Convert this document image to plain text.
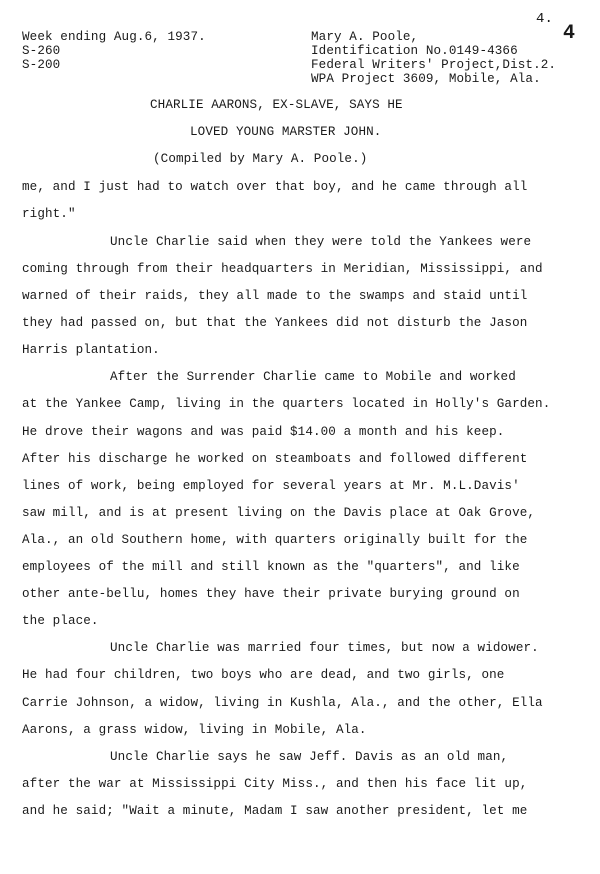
Week ending Aug.6, 1937.
S-260
S-200
Mary A. Poole,
Identification No.0149-4366
Federal Writers' Project,Dist.2.
WPA Project 3609, Mobile, Ala.
4.
4
CHARLIE AARONS, EX-SLAVE, SAYS HE
LOVED YOUNG MARSTER JOHN.
(Compiled by Mary A. Poole.)
me, and I just had to watch over that boy, and he came through all
right."
Uncle Charlie said when they were told the Yankees were
coming through from their headquarters in Meridian, Mississippi, and
warned of their raids, they all made to the swamps and staid until
they had passed on, but that the Yankees did not disturb the Jason
Harris plantation.
After the Surrender Charlie came to Mobile and worked
at the Yankee Camp, living in the quarters located in Holly's Garden.
He drove their wagons and was paid $14.00 a month and his keep.
After his discharge he worked on steamboats and followed different
lines of work, being employed for several years at Mr. M.L.Davis'
saw mill, and is at present living on the Davis place at Oak Grove,
Ala., an old Southern home, with quarters originally built for the
employees of the mill and still known as the "quarters", and like
other ante-bellu, homes they have their private burying ground on
the place.
Uncle Charlie was married four times, but now a widower.
He had four children, two boys who are dead, and two girls, one
Carrie Johnson, a widow, living in Kushla, Ala., and the other, Ella
Aarons, a grass widow, living in Mobile, Ala.
Uncle Charlie says he saw Jeff. Davis as an old man,
after the war at Mississippi City Miss., and then his face lit up,
and he said; "Wait a minute, Madam I saw another president, let me
